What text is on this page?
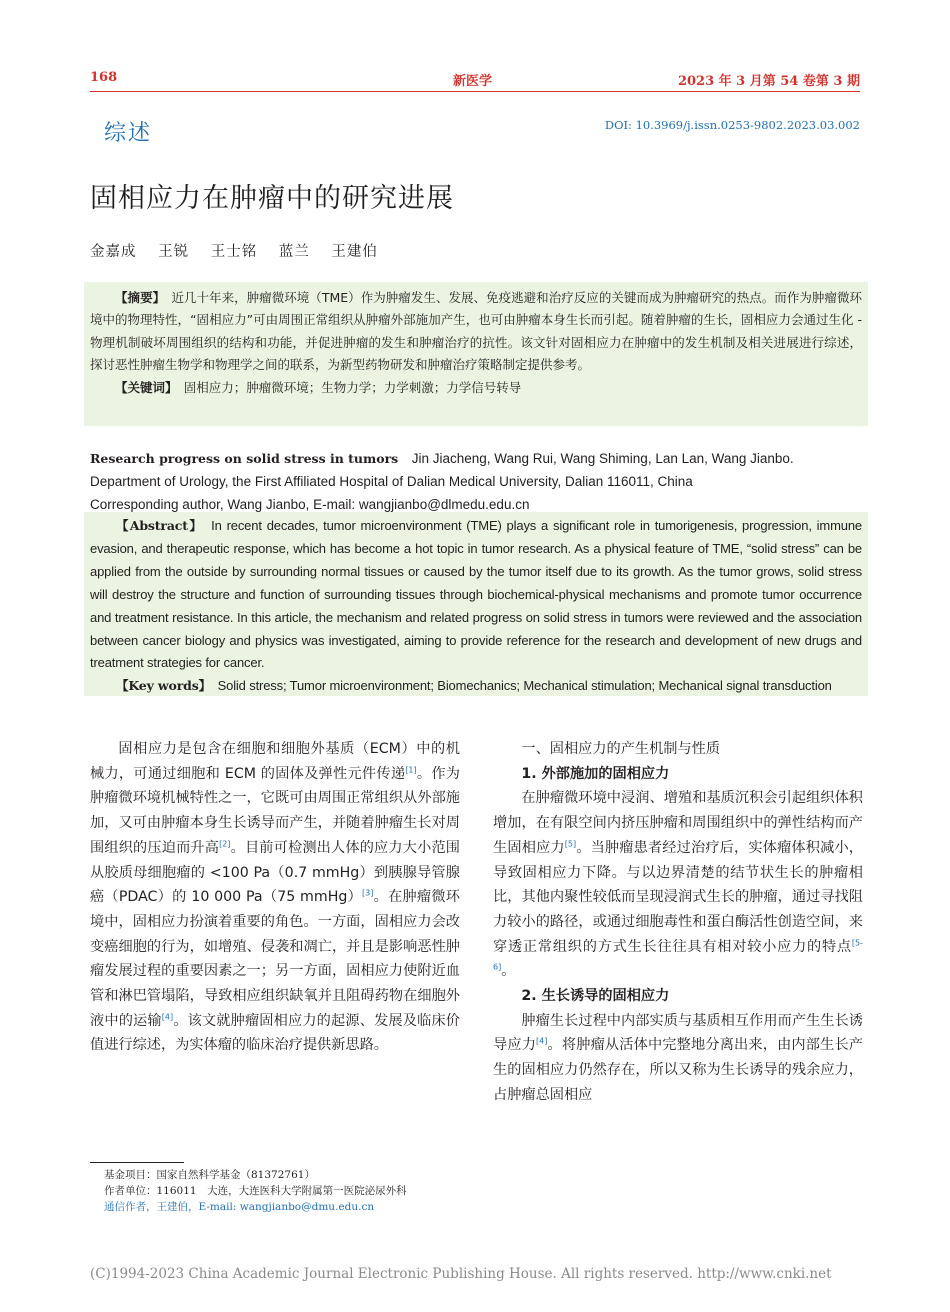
168	新医学	2023 年 3 月第 54 卷第 3 期
综述	DOI: 10.3969/j.issn.0253-9802.2023.03.002
固相应力在肿瘤中的研究进展
金嘉成 王锐 王士铭 蓝兰 王建伯

【摘要】　 近几十年来，肿瘤微环境（TME）作为肿瘤发生、发展、免疫逃避和治疗反应的关键而成为肿瘤研究的热点。而作为肿瘤微环境中的物理特性，“固相应力”可由周围正常组织从肿瘤外部施加产生，也可由肿瘤本身生长而引起。随着肿瘤的生长，固相应力会通过生化 - 物理机制破坏周围组织的结构和功能，并促进肿瘤的发生和肿瘤治疗的抗性。该文针对固相应力在肿瘤中的发生机制及相关进展进行综述，探讨恶性肿瘤生物学和物理学之间的联系，为新型药物研发和肿瘤治疗策略制定提供参考。

【关键词】　 固相应力；肿瘤微环境；生物力学；力学刺激；力学信号转导

Research progress on solid stress in tumors　 Jin Jiacheng, Wang Rui, Wang Shiming, Lan Lan, Wang Jianbo. Department of Urology, the First Affiliated Hospital of Dalian Medical University, Dalian 116011, China

Corresponding author, Wang Jianbo, E-mail: wangjianbo@dlmedu.edu.cn

【Abstract】　 In recent decades, tumor microenvironment (TME) plays a significant role in tumorigenesis, progression, immune evasion, and therapeutic response, which has become a hot topic in tumor research. As a physical feature of TME, “solid stress” can be applied from the outside by surrounding normal tissues or caused by the tumor itself due to its growth. As the tumor grows, solid stress will destroy the structure and function of surrounding tissues through biochemical-physical mechanisms and promote tumor occurrence and treatment resistance. In this article, the mechanism and related progress on solid stress in tumors were reviewed and the association between cancer biology and physics was investigated, aiming to provide reference for the research and development of new drugs and treatment strategies for cancer.

【Key words】　 Solid stress; Tumor microenvironment; Biomechanics; Mechanical stimulation; Mechanical signal transduction

固相应力是包含在细胞和细胞外基质（ECM）中的机械力，可通过细胞和 ECM 的固体及弹性元件传递[1]。作为肿瘤微环境机械特性之一，它既可由周围正常组织从外部施加，又可由肿瘤本身生长诱导而产生，并随着肿瘤生长对周围组织的压迫而升高[2]。目前可检测出人体的应力大小范围从胶质母细胞瘤的 <100 Pa（0.7 mmHg）到胰腺导管腺癌（PDAC）的 10 000 Pa（75 mmHg）[3]。在肿瘤微环境中，固相应力扮演着重要的角色。一方面，固相应力会改变癌细胞的行为，如增殖、侵袭和凋亡，并且是影响恶性肿瘤发展过程的重要因素之一；另一方面，固相应力使附近血管和淋巴管塌陷，导致相应组织缺氧并且阻碍药物在细胞外液中的运输[4]。该文就肿瘤固相应力的起源、发展及临床价值进行综述，为实体瘤的临床治疗提供新思路。

一、固相应力的产生机制与性质

1. 外部施加的固相应力

在肿瘤微环境中浸润、增殖和基质沉积会引起组织体积增加，在有限空间内挤压肿瘤和周围组织中的弹性结构而产生固相应力[5]。当肿瘤患者经过治疗后，实体瘤体积减小，导致固相应力下降。与以边界清楚的结节状生长的肿瘤相比，其他内聚性较低而呈现浸润式生长的肿瘤，通过寻找阻力较小的路径，或通过细胞毒性和蛋白酶活性创造空间，来穿透正常组织的方式生长往往具有相对较小应力的特点[5-6]。

2. 生长诱导的固相应力

肿瘤生长过程中内部实质与基质相互作用而产生生长诱导应力[4]。将肿瘤从活体中完整地分离出来，由内部生长产生的固相应力仍然存在，所以又称为生长诱导的残余应力，占肿瘤总固相应

基金项目：国家自然科学基金（81372761）
作者单位：116011　大连，大连医科大学附属第一医院泌尿外科
通信作者，王建伯，E-mail: wangjianbo@dmu.edu.cn
(C)1994-2023 China Academic Journal Electronic Publishing House. All rights reserved. http://www.cnki.net
